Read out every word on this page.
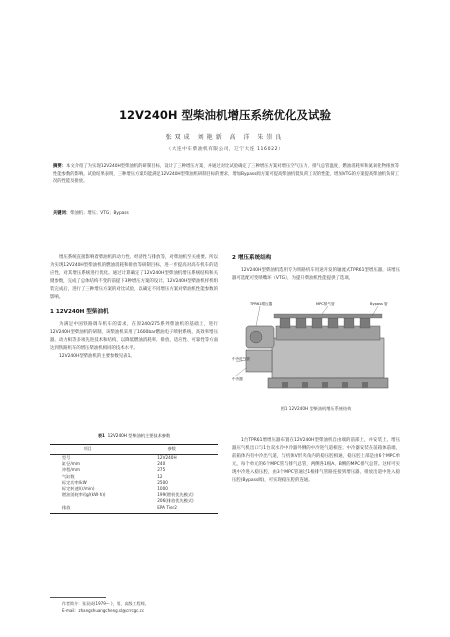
12V240H 型柴油机增压系统优化及试验
张双成 刘艳新 高 洋 朱崇良
（大连中车柴油机有限公司，辽宁大连 116022）
摘要：本文介绍了为实现12V240H型柴油机的研制目标，设计了三种增压方案，并通过对比试验确定了三种增压方案对增压空气压力、排气总管温度、燃油消耗率和氮氧化物排放等性能参数的影响。试验结果表明，三种增压方案均能满足12V240H型柴油机研制目标的要求，增加Bypass阀方案可提高柴油机低负荷工况的性能，增加VTG的方案提高柴油机负荷工况的性能及排放。
关键词：柴油机；增压；VTG；Bypass

增压系统直接影响着柴油机的动力性、经济性与排放等，对柴油机至关重要。所以为实现12V240H型柴油机的燃油消耗和排放等研制目标，进一步提高对高车机车的适应性，对其增压系统进行优化。通过计算确定了12V240H型柴油机增压系统结构和关键参数，完成了总体结构不变的前提下3种增压方案的设计。12V240H型柴油机样机组装完成后，进行了三种增压方案的对比试验，以确定不同增压方案对柴油机性能参数的影响。

1 12V240H 型柴油机

为满足中国铁路调车机车的需求，在原240/275系列柴油机的基础上，进行12V240H型柴油机的研制，该柴油机采用了1600bar燃油电子喷射系统、高效率增压器，动力相等多项先进技术和结构，以降低燃油消耗率，排放、适应性、可靠性等方面达到铁路机车的增压柴油机相同的技术水平。

12V240H型柴油机的主要参数见表1。

表1 12V240H 型柴油机主要技术参数
项目	参数
型号	12V240H
缸径/mm	240
冲程/mm	275
气缸数	12
标定功率/kW	2500
标定转速/(r/min)	1000
燃油消耗率/(g/(kW·h))	199(燃机优先模式)
	206(排放优先模式)
排放	EPA Tier2
作者简介：张双成(1979— )，男，高级工程师。
E-mail：zhangshuangcheng.sl@crrcgc.cc

2 增压系统结构

12V240H型柴油机选用专为铁路机车用途开发的轴流式TPR61型增压器，该增压器可选配可变喷嘴环（VTG），为提升柴油机性能提供了选项。

TPR61增压器	MPC排气管	Bypass 管
中冷进气管
中冷器
图1 12V240H 型柴油机增压系统结构

1台TPR61增增压器布置在12V240H型柴油机自由端的前部上，并安装上，增压器压气机出口与1台双水冷中冷器外侧的中冷进气道相连；中冷器安装在前箱体前端，前箱体内有中冷出气道，与机体V形夹角内的稳压腔相通，稳压腔上部是由6个MPC单元，每个单元的6个MPC管与排气总管，两侧各1根A、B侧的MPC排气总管。这样可实现中冷进入稳压腔，由3个MPC管通过1根排气管路连接到增压器，排放出道中进入稳压腔(Bypass阀)，可实现稳压腔的连通。
